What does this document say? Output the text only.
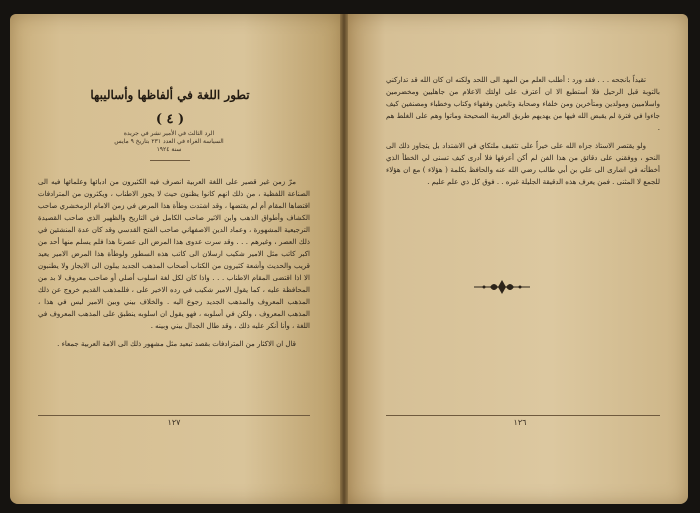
تطور اللغة في ألفاظها وأساليبها
( ٤ )
الرد الثالث في الأمير نشر في جريدة
السياسة الغراء في العدد ٢٣١ بتاريخ ٩ مايس
سنة ١٩٢٤

مرّ زمن غير قصير على اللغة العربية انصرف فيه الكثيرون من ادبائها وعلمائها فيه الى الصناعة اللفظية ، من ذلك انهم كانوا يظنون حيث لا يجوز الاطناب ، ويكثرون من المترادفات اقتضاها المقام أم لم يقتضها ، وقد اشتدت وطأة هذا المرض في زمن الامام الزمخشري صاحب الكشاف وأطواق الذهب وابن الاثير صاحب الكامل في التاريخ والظهير الذي صاحب القصيدة الترجيعية المشهورة ، وعماد الدين الاصفهاني صاحب الفتح القدسي وقد كان عدة المنشئين في ذلك العصر ، وغيرهم . . . وقد سرت عدوى هذا المرض الى عصرنا هذا فلم يسلم منها أحد من اكبر كاتب مثل الامير شكيب ارسلان الى كاتب هذه السطور ولوطأة هذا المرض الامير يعيد قريب والحديث وأشعة كثيرون من الكتاب أصحاب المذهب الجديد يبلون الى الايجاز ولا يطنبون الا اذا اقتضى المقام الاطناب . . . واذا كان لكل لغة اسلوب أصلي أو صاحب معروف لا بد من المحافظة عليه ، كما يقول الامير شكيب في رده الاخير على ، فللمذهب القديم خروج عن ذلك المذهب المعروف والمذهب الجديد رجوع اليه . والخلاف بيني وبين الامير ليس في هذا ، المذهب المعروف ، ولكن في أسلوبه ، فهو يقول ان اسلوبه ينطبق على المذهب المعروف في اللغة ، وأنا أنكر عليه ذلك ، وقد طال الجدال بيني وبينه .

قال ان الاكثار من المترادفات بقصد تبعيد مثل مشهور ذلك الى الامة العربية جمعاء .

١٢٧

تقيداً بانجحه . . . فقد ورد : أطلب العلم من المهد الى اللحد ولكنه ان كان الله قد تدارکني بالتوبة قبل الرحيل فلا أستطيع الا ان أعترف على اولئك الاعلام من جاهليين ومخضرمين واسلاميين ومولدين ومتأخرين ومن خلفاء وصحابة وتابعين وفقهاء وكتاب وخطباء ومصنفين كيف جاءوا في فترة لم يقبض الله فيها من يهديهم طريق العربية الصحيحة وماتوا وهم على الغلط هم .

ولو يقتصر الاستاذ جزاه الله على خيراً على تثقيف ملتكاي في الاشتداد بل يتجاوز ذلك الى النحو ، ووفقني على دقائق من هذا الفن لم أكن أعرفها فلا أدرى كيف تسنى لي الخطأ الذي أخطأته في اشاری الى علي بن أبي طالب رضي الله عنه والحافظ بكلمة ( هؤلاء ) مع ان هؤلاء للجمع لا المثنى . فمن يعرف هذه الدقيقة الجليلة غيره . . فوق كل ذي علم عليم .

١٢٦
